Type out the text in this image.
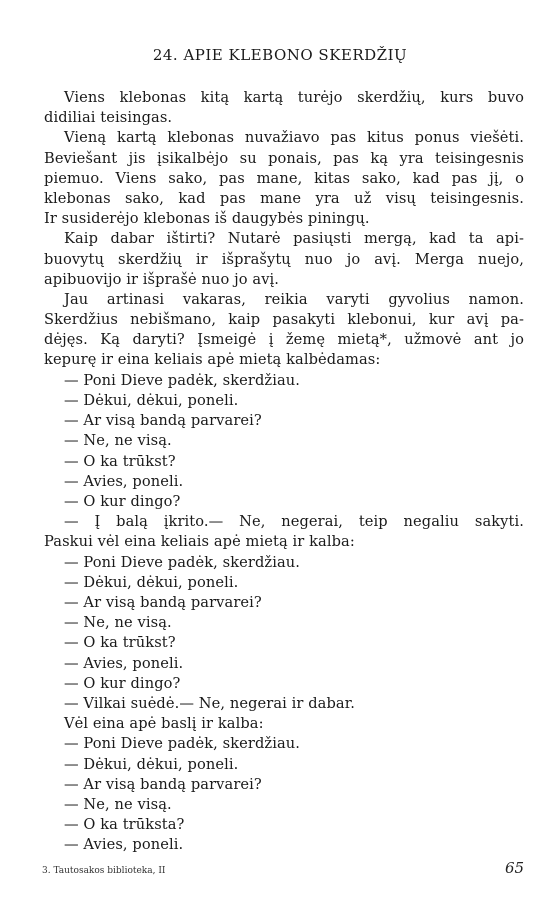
24. APIE KLEBONO SKERDŽIŲ
Viens klebonas kitą kartą turėjo skerdžių, kurs buvo
didiliai teisingas.
Vieną kartą klebonas nuvažiavo pas kitus ponus viešėti.
Beviešant jis įsikalbėjo su ponais, pas ką yra teisingesnis
piemuo. Viens sako, pas mane, kitas sako, kad pas jį, o
klebonas sako, kad pas mane yra už visų teisingesnis.
Ir susiderėjo klebonas iš daugybės piningų.
Kaip dabar ištirti? Nutarė pasiųsti mergą, kad ta api-
buovytų skerdžių ir išprašytų nuo jo avį. Merga nuejo,
apibuovijo ir išprašė nuo jo avį.
Jau artinasi vakaras, reikia varyti gyvolius namon.
Skerdžius nebišmano, kaip pasakyti klebonui, kur avį pa-
dėjęs. Ką daryti? Įsmeigė į žemę mietą*, užmovė ant jo
kepurę ir eina keliais apė mietą kalbėdamas:
— Poni Dieve padėk, skerdžiau.
— Dėkui, dėkui, poneli.
— Ar visą bandą parvarei?
— Ne, ne visą.
— O ka trūkst?
— Avies, poneli.
— O kur dingo?
— Į balą įkrito.— Ne, negerai, teip negaliu sakyti.
Paskui vėl eina keliais apė mietą ir kalba:
— Poni Dieve padėk, skerdžiau.
— Dėkui, dėkui, poneli.
— Ar visą bandą parvarei?
— Ne, ne visą.
— O ka trūkst?
— Avies, poneli.
— O kur dingo?
— Vilkai suėdė.— Ne, negerai ir dabar.
Vėl eina apė baslį ir kalba:
— Poni Dieve padėk, skerdžiau.
— Dėkui, dėkui, poneli.
— Ar visą bandą parvarei?
— Ne, ne visą.
— O ka trūksta?
— Avies, poneli.
3. Tautosakos biblioteka, II	65
